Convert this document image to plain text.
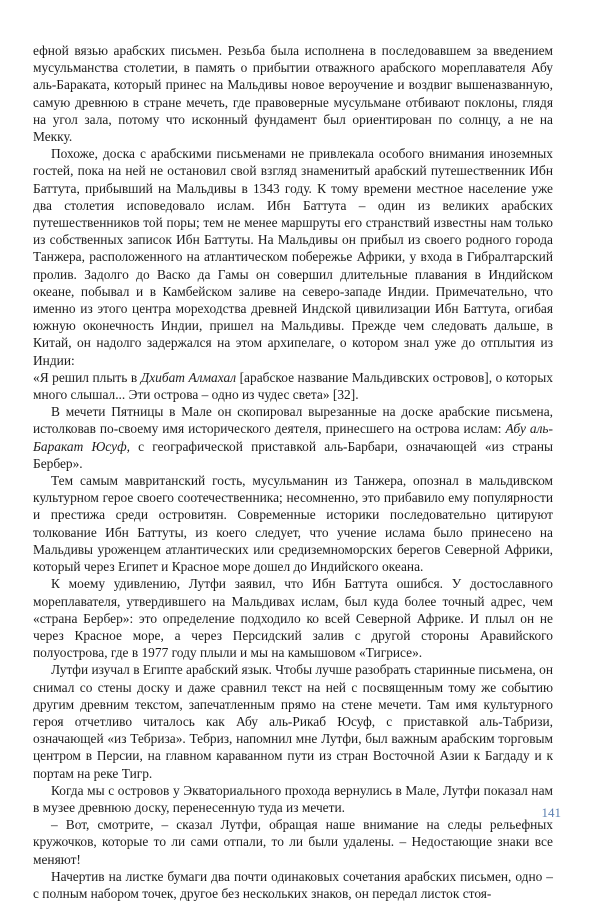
ефной вязью арабских письмен. Резьба была исполнена в последовавшем за введением мусульманства столетии, в память о прибытии отважного арабского мореплавателя Абу аль-Бараката, который принес на Мальдивы новое вероучение и воздвиг вышеназванную, самую древнюю в стране мечеть, где правоверные мусульмане отбивают поклоны, глядя на угол зала, потому что исконный фундамент был ориентирован по солнцу, а не на Мекку.

Похоже, доска с арабскими письменами не привлекала особого внимания иноземных гостей, пока на ней не остановил свой взгляд знаменитый арабский путешественник Ибн Баттута, прибывший на Мальдивы в 1343 году. К тому времени местное население уже два столетия исповедовало ислам. Ибн Баттута – один из великих арабских путешественников той поры; тем не менее маршруты его странствий известны нам только из собственных записок Ибн Баттуты. На Мальдивы он прибыл из своего родного города Танжера, расположенного на атлантическом побережье Африки, у входа в Гибралтарский пролив. Задолго до Васко да Гамы он совершил длительные плавания в Индийском океане, побывал и в Камбейском заливе на северо-западе Индии. Примечательно, что именно из этого центра мореходства древней Индской цивилизации Ибн Баттута, огибая южную оконечность Индии, пришел на Мальдивы. Прежде чем следовать дальше, в Китай, он надолго задержался на этом архипелаге, о котором знал уже до отплытия из Индии:

«Я решил плыть в Дхибат Алмахал [арабское название Мальдивских островов], о которых много слышал... Эти острова – одно из чудес света» [32].

В мечети Пятницы в Мале он скопировал вырезанные на доске арабские письмена, истолковав по-своему имя исторического деятеля, принесшего на острова ислам: Абу аль-Баракат Юсуф, с географической приставкой аль-Барбари, означающей «из страны Бербер».

Тем самым мавританский гость, мусульманин из Танжера, опознал в мальдивском культурном герое своего соотечественника; несомненно, это прибавило ему популярности и престижа среди островитян. Современные историки последовательно цитируют толкование Ибн Баттуты, из коего следует, что учение ислама было принесено на Мальдивы уроженцем атлантических или средиземноморских берегов Северной Африки, который через Египет и Красное море дошел до Индийского океана.

К моему удивлению, Лутфи заявил, что Ибн Баттута ошибся. У достославного мореплавателя, утвердившего на Мальдивах ислам, был куда более точный адрес, чем «страна Бербер»: это определение подходило ко всей Северной Африке. И плыл он не через Красное море, а через Персидский залив с другой стороны Аравийского полуострова, где в 1977 году плыли и мы на камышовом «Тигрисе».

Лутфи изучал в Египте арабский язык. Чтобы лучше разобрать старинные письмена, он снимал со стены доску и даже сравнил текст на ней с посвященным тому же событию другим древним текстом, запечатленным прямо на стене мечети. Там имя культурного героя отчетливо читалось как Абу аль-Рикаб Юсуф, с приставкой аль-Табризи, означающей «из Тебриза». Тебриз, напомнил мне Лутфи, был важным арабским торговым центром в Персии, на главном караванном пути из стран Восточной Азии к Багдаду и к портам на реке Тигр.

Когда мы с островов у Экваториального прохода вернулись в Мале, Лутфи показал нам в музее древнюю доску, перенесенную туда из мечети.

– Вот, смотрите, – сказал Лутфи, обращая наше внимание на следы рельефных кружочков, которые то ли сами отпали, то ли были удалены. – Недостающие знаки все меняют!

Начертив на листке бумаги два почти одинаковых сочетания арабских письмен, одно – с полным набором точек, другое без нескольких знаков, он передал листок стоя-

141
